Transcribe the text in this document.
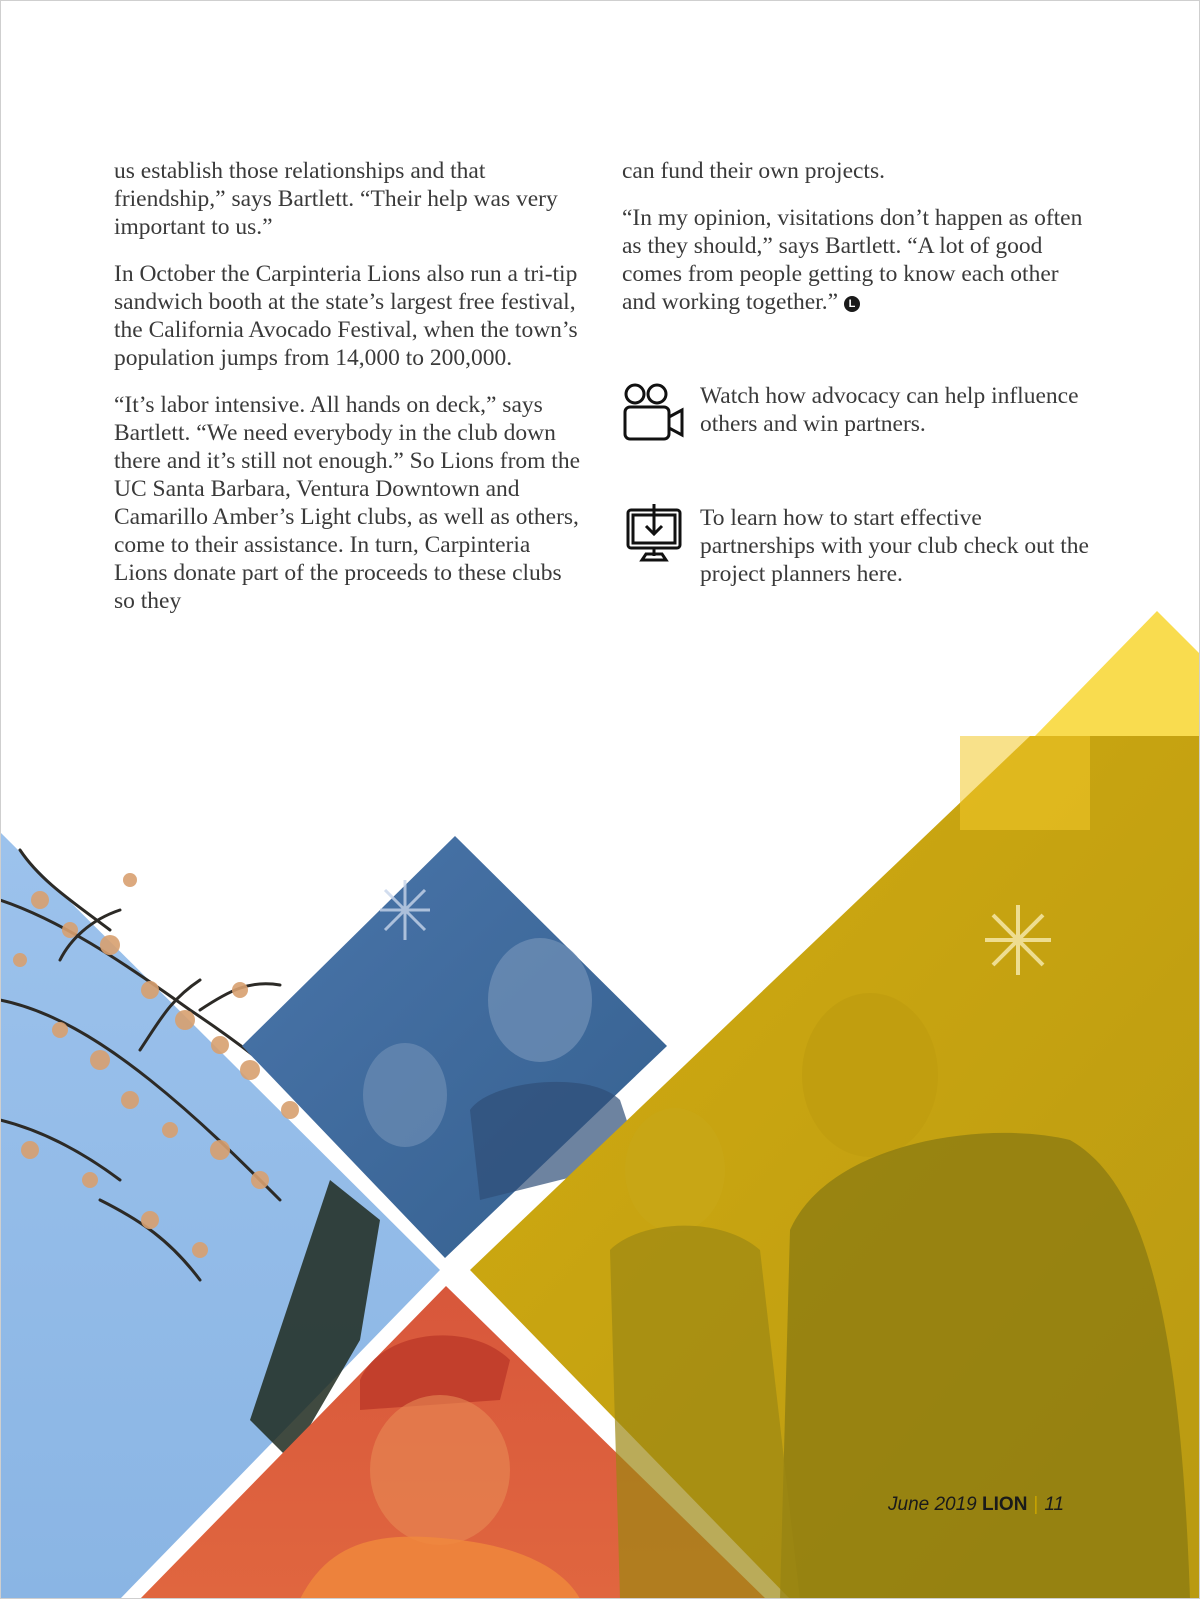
us establish those relationships and that friendship,” says Bartlett. “Their help was very important to us.”

In October the Carpinteria Lions also run a tri-tip sandwich booth at the state’s largest free festival, the California Avocado Festival, when the town’s population jumps from 14,000 to 200,000.

“It’s labor intensive. All hands on deck,” says Bartlett. “We need everybody in the club down there and it’s still not enough.” So Lions from the UC Santa Barbara, Ventura Downtown and Camarillo Amber’s Light clubs, as well as others, come to their assistance. In turn, Carpinteria Lions donate part of the proceeds to these clubs so they

can fund their own projects.

“In my opinion, visitations don’t happen as often as they should,” says Bartlett. “A lot of good comes from people getting to know each other and working together.” L

Watch how advocacy can help influence others and win partners.
To learn how to start effective partnerships with your club check out the project planners here.
June 2019 LION | 11
